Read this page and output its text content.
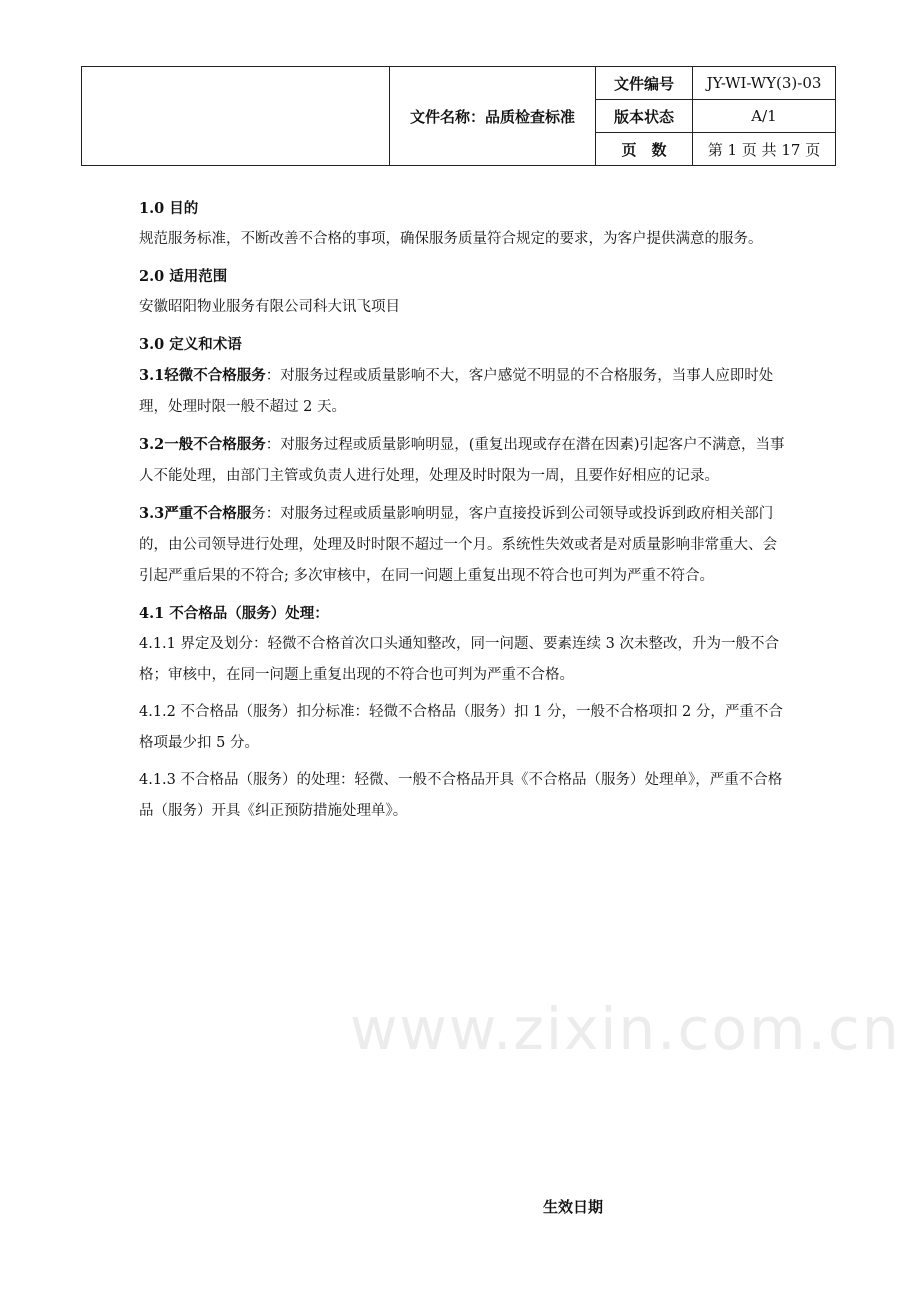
	文件名称：品质检查标准	文件编号	JY-WI-WY(3)-03
		版本状态	A/1
		页　数	第 1 页 共 17 页
www.zixin.com.cn

1.0 目的

规范服务标准，不断改善不合格的事项，确保服务质量符合规定的要求，为客户提供满意的服务。

2.0 适用范围

安徽昭阳物业服务有限公司科大讯飞项目

3.0 定义和术语

3.1轻微不合格服务：对服务过程或质量影响不大，客户感觉不明显的不合格服务，当事人应即时处理，处理时限一般不超过 2 天。

3.2一般不合格服务：对服务过程或质量影响明显，(重复出现或存在潜在因素)引起客户不满意，当事人不能处理，由部门主管或负责人进行处理，处理及时时限为一周，且要作好相应的记录。

3.3严重不合格服务：对服务过程或质量影响明显，客户直接投诉到公司领导或投诉到政府相关部门的，由公司领导进行处理，处理及时时限不超过一个月。系统性失效或者是对质量影响非常重大、会引起严重后果的不符合; 多次审核中，在同一问题上重复出现不符合也可判为严重不符合。

4.1 不合格品（服务）处理：

4.1.1 界定及划分：轻微不合格首次口头通知整改，同一问题、要素连续 3 次未整改，升为一般不合格；审核中，在同一问题上重复出现的不符合也可判为严重不合格。

4.1.2 不合格品（服务）扣分标准：轻微不合格品（服务）扣 1 分，一般不合格项扣 2 分，严重不合格项最少扣 5 分。

4.1.3 不合格品（服务）的处理：轻微、一般不合格品开具《不合格品（服务）处理单》，严重不合格品（服务）开具《纠正预防措施处理单》。

生效日期
